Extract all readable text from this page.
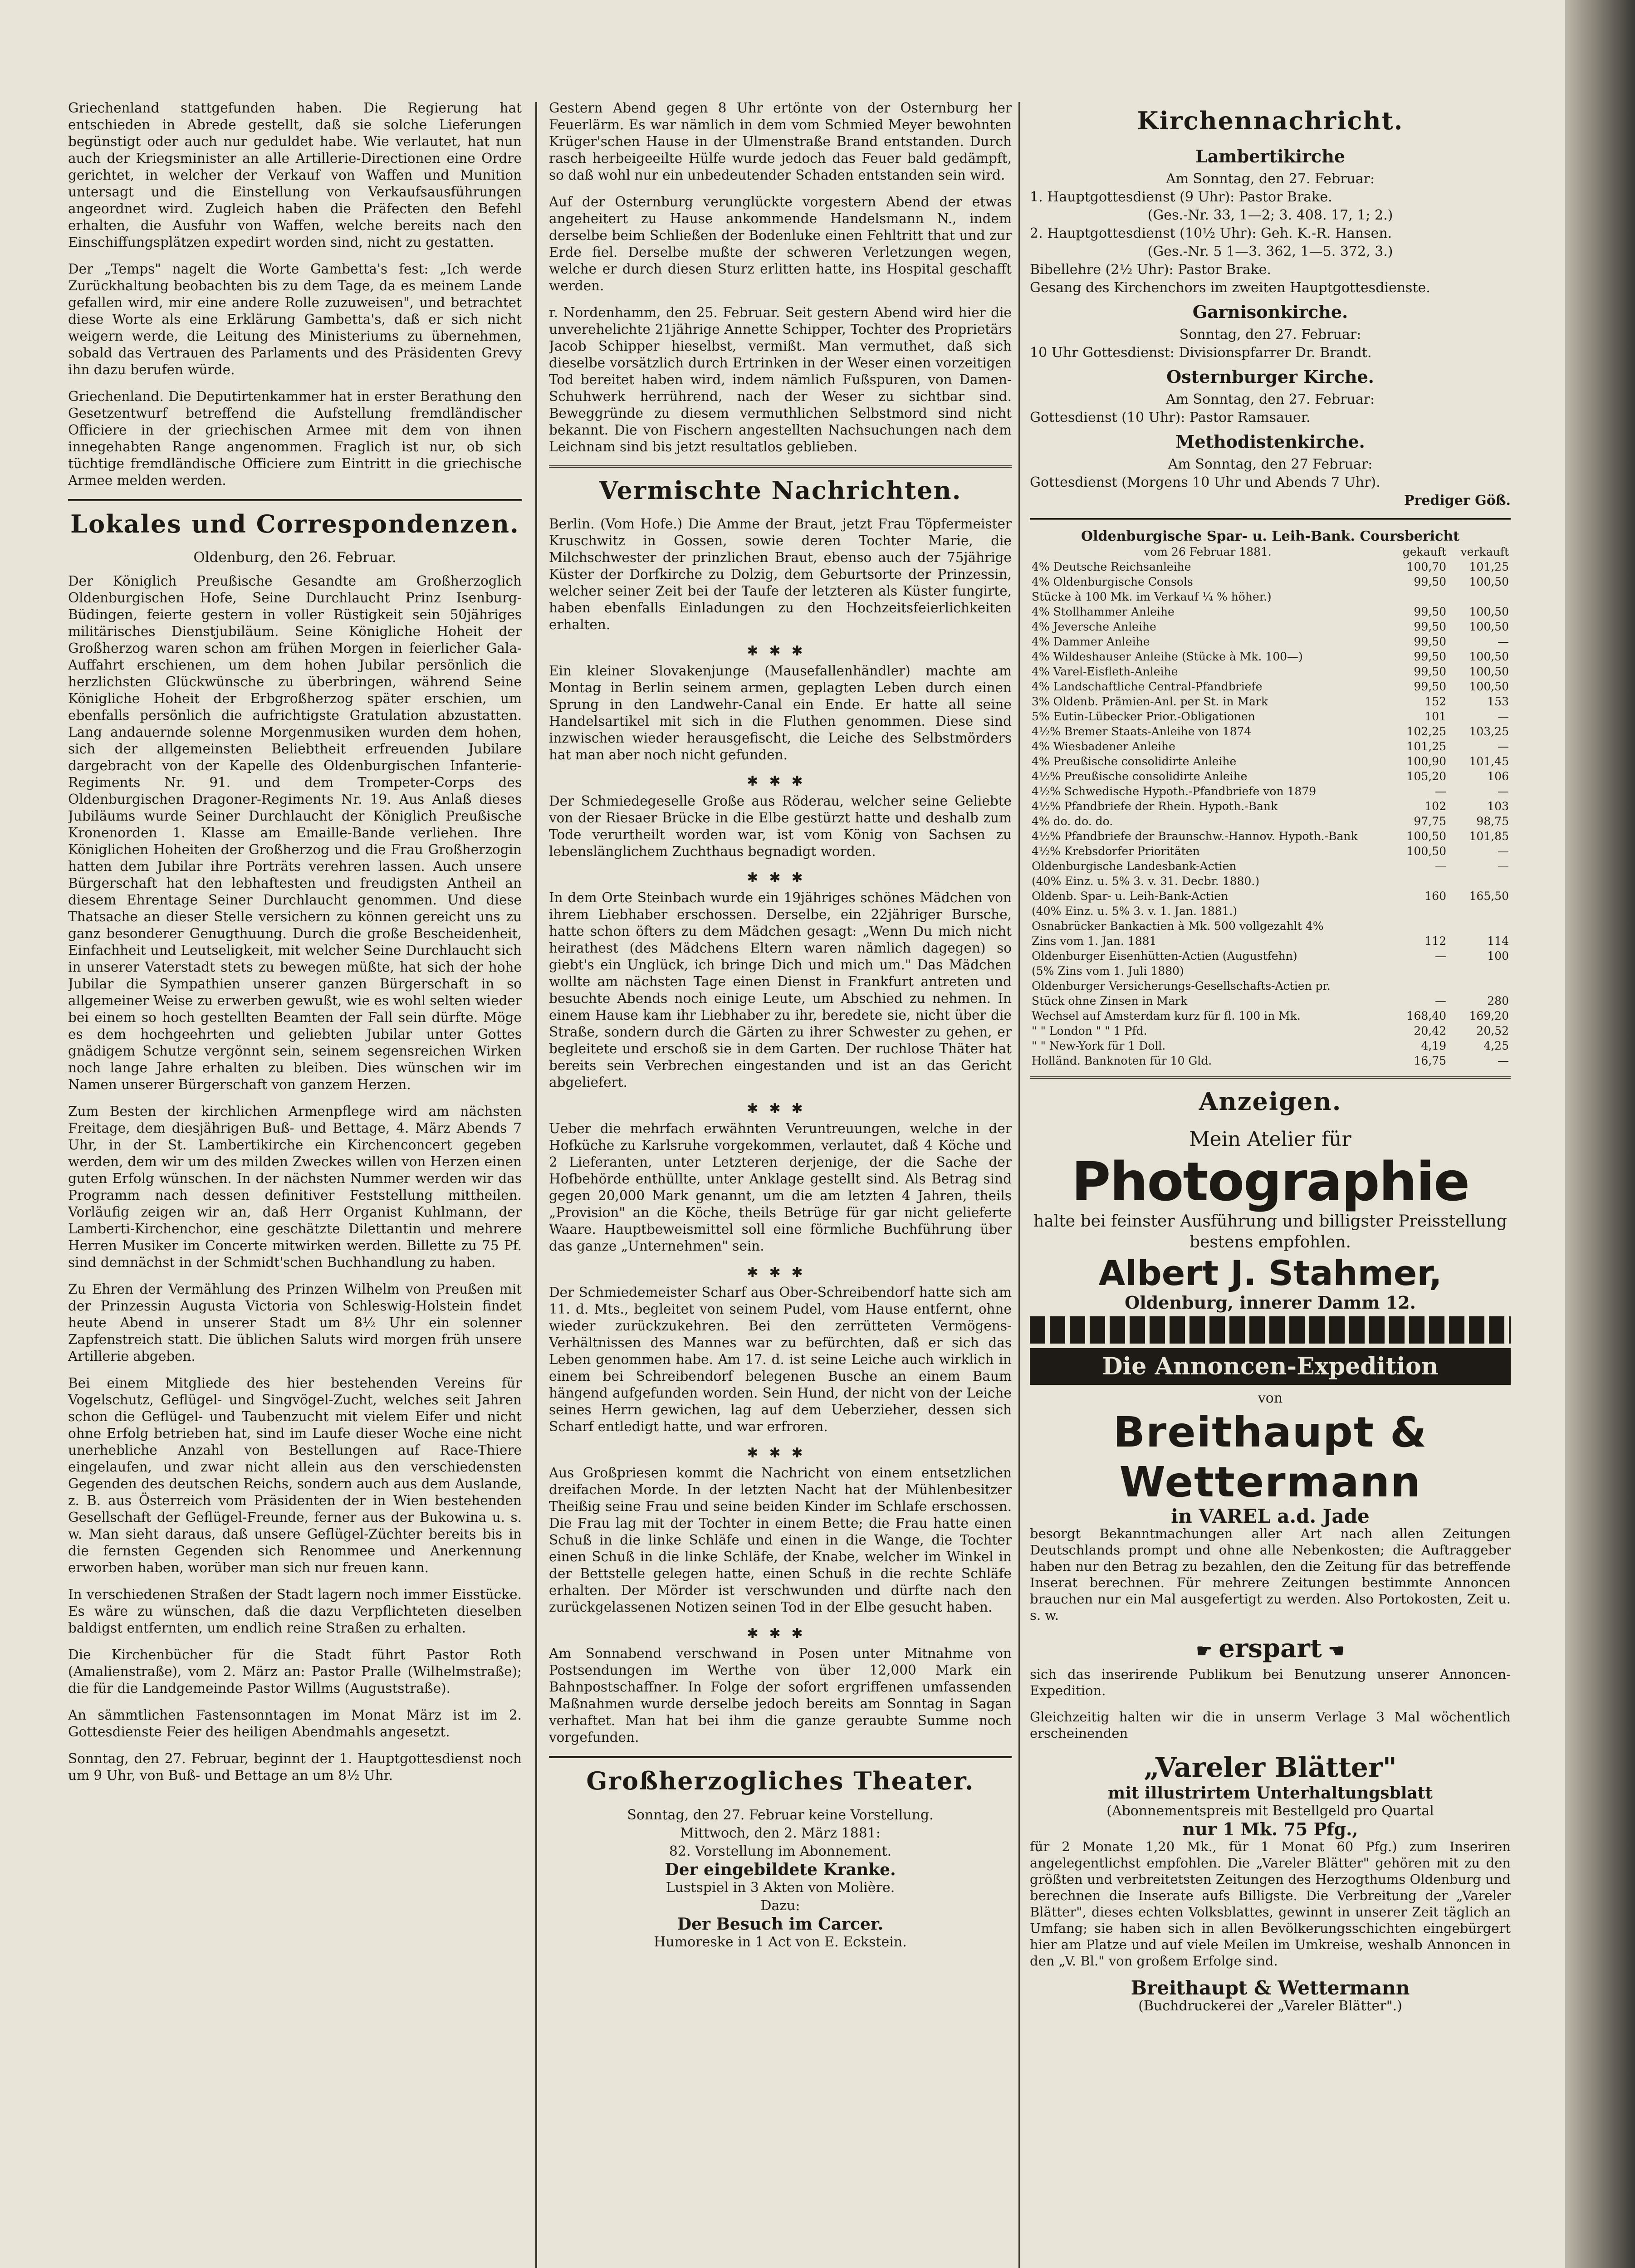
Griechenland stattgefunden haben. Die Regierung hat entschieden in Abrede gestellt, daß sie solche Lieferungen begünstigt oder auch nur geduldet habe. Wie verlautet, hat nun auch der Kriegsminister an alle Artillerie-Directionen eine Ordre gerichtet, in welcher der Verkauf von Waffen und Munition untersagt und die Einstellung von Verkaufsausführungen angeordnet wird. Zugleich haben die Präfecten den Befehl erhalten, die Ausfuhr von Waffen, welche bereits nach den Einschiffungsplätzen expedirt worden sind, nicht zu gestatten.

Der „Temps" nagelt die Worte Gambetta's fest: „Ich werde Zurückhaltung beobachten bis zu dem Tage, da es meinem Lande gefallen wird, mir eine andere Rolle zuzuweisen", und betrachtet diese Worte als eine Erklärung Gambetta's, daß er sich nicht weigern werde, die Leitung des Ministeriums zu übernehmen, sobald das Vertrauen des Parlaments und des Präsidenten Grevy ihn dazu berufen würde.

Griechenland. Die Deputirtenkammer hat in erster Berathung den Gesetzentwurf betreffend die Aufstellung fremdländischer Officiere in der griechischen Armee mit dem von ihnen innegehabten Range angenommen. Fraglich ist nur, ob sich tüchtige fremdländische Officiere zum Eintritt in die griechische Armee melden werden.

Lokales und Correspondenzen.
Oldenburg, den 26. Februar.

Der Königlich Preußische Gesandte am Großherzoglich Oldenburgischen Hofe, Seine Durchlaucht Prinz Isenburg-Büdingen, feierte gestern in voller Rüstigkeit sein 50jähriges militärisches Dienstjubiläum. Seine Königliche Hoheit der Großherzog waren schon am frühen Morgen in feierlicher Gala-Auffahrt erschienen, um dem hohen Jubilar persönlich die herzlichsten Glückwünsche zu überbringen, während Seine Königliche Hoheit der Erbgroßherzog später erschien, um ebenfalls persönlich die aufrichtigste Gratulation abzustatten. Lang andauernde solenne Morgenmusiken wurden dem hohen, sich der allgemeinsten Beliebtheit erfreuenden Jubilare dargebracht von der Kapelle des Oldenburgischen Infanterie-Regiments Nr. 91. und dem Trompeter-Corps des Oldenburgischen Dragoner-Regiments Nr. 19. Aus Anlaß dieses Jubiläums wurde Seiner Durchlaucht der Königlich Preußische Kronenorden 1. Klasse am Emaille-Bande verliehen. Ihre Königlichen Hoheiten der Großherzog und die Frau Großherzogin hatten dem Jubilar ihre Porträts verehren lassen. Auch unsere Bürgerschaft hat den lebhaftesten und freudigsten Antheil an diesem Ehrentage Seiner Durchlaucht genommen. Und diese Thatsache an dieser Stelle versichern zu können gereicht uns zu ganz besonderer Genugthuung. Durch die große Bescheidenheit, Einfachheit und Leutseligkeit, mit welcher Seine Durchlaucht sich in unserer Vaterstadt stets zu bewegen müßte, hat sich der hohe Jubilar die Sympathien unserer ganzen Bürgerschaft in so allgemeiner Weise zu erwerben gewußt, wie es wohl selten wieder bei einem so hoch gestellten Beamten der Fall sein dürfte. Möge es dem hochgeehrten und geliebten Jubilar unter Gottes gnädigem Schutze vergönnt sein, seinem segensreichen Wirken noch lange Jahre erhalten zu bleiben. Dies wünschen wir im Namen unserer Bürgerschaft von ganzem Herzen.

Zum Besten der kirchlichen Armenpflege wird am nächsten Freitage, dem diesjährigen Buß- und Bettage, 4. März Abends 7 Uhr, in der St. Lambertikirche ein Kirchenconcert gegeben werden, dem wir um des milden Zweckes willen von Herzen einen guten Erfolg wünschen. In der nächsten Nummer werden wir das Programm nach dessen definitiver Feststellung mittheilen. Vorläufig zeigen wir an, daß Herr Organist Kuhlmann, der Lamberti-Kirchenchor, eine geschätzte Dilettantin und mehrere Herren Musiker im Concerte mitwirken werden. Billette zu 75 Pf. sind demnächst in der Schmidt'schen Buchhandlung zu haben.

Zu Ehren der Vermählung des Prinzen Wilhelm von Preußen mit der Prinzessin Augusta Victoria von Schleswig-Holstein findet heute Abend in unserer Stadt um 8½ Uhr ein solenner Zapfenstreich statt. Die üblichen Saluts wird morgen früh unsere Artillerie abgeben.

Bei einem Mitgliede des hier bestehenden Vereins für Vogelschutz, Geflügel- und Singvögel-Zucht, welches seit Jahren schon die Geflügel- und Taubenzucht mit vielem Eifer und nicht ohne Erfolg betrieben hat, sind im Laufe dieser Woche eine nicht unerhebliche Anzahl von Bestellungen auf Race-Thiere eingelaufen, und zwar nicht allein aus den verschiedensten Gegenden des deutschen Reichs, sondern auch aus dem Auslande, z. B. aus Österreich vom Präsidenten der in Wien bestehenden Gesellschaft der Geflügel-Freunde, ferner aus der Bukowina u. s. w. Man sieht daraus, daß unsere Geflügel-Züchter bereits bis in die fernsten Gegenden sich Renommee und Anerkennung erworben haben, worüber man sich nur freuen kann.

In verschiedenen Straßen der Stadt lagern noch immer Eisstücke. Es wäre zu wünschen, daß die dazu Verpflichteten dieselben baldigst entfernten, um endlich reine Straßen zu erhalten.

Die Kirchenbücher für die Stadt führt Pastor Roth (Amalienstraße), vom 2. März an: Pastor Pralle (Wilhelmstraße); die für die Landgemeinde Pastor Willms (Auguststraße).

An sämmtlichen Fastensonntagen im Monat März ist im 2. Gottesdienste Feier des heiligen Abendmahls angesetzt.

Sonntag, den 27. Februar, beginnt der 1. Hauptgottesdienst noch um 9 Uhr, von Buß- und Bettage an um 8½ Uhr.

Gestern Abend gegen 8 Uhr ertönte von der Osternburg her Feuerlärm. Es war nämlich in dem vom Schmied Meyer bewohnten Krüger'schen Hause in der Ulmenstraße Brand entstanden. Durch rasch herbeigeeilte Hülfe wurde jedoch das Feuer bald gedämpft, so daß wohl nur ein unbedeutender Schaden entstanden sein wird.

Auf der Osternburg verunglückte vorgestern Abend der etwas angeheitert zu Hause ankommende Handelsmann N., indem derselbe beim Schließen der Bodenluke einen Fehltritt that und zur Erde fiel. Derselbe mußte der schweren Verletzungen wegen, welche er durch diesen Sturz erlitten hatte, ins Hospital geschafft werden.

r. Nordenhamm, den 25. Februar. Seit gestern Abend wird hier die unverehelichte 21jährige Annette Schipper, Tochter des Proprietärs Jacob Schipper hieselbst, vermißt. Man vermuthet, daß sich dieselbe vorsätzlich durch Ertrinken in der Weser einen vorzeitigen Tod bereitet haben wird, indem nämlich Fußspuren, von Damen-Schuhwerk herrührend, nach der Weser zu sichtbar sind. Beweggründe zu diesem vermuthlichen Selbstmord sind nicht bekannt. Die von Fischern angestellten Nachsuchungen nach dem Leichnam sind bis jetzt resultatlos geblieben.

Vermischte Nachrichten.

Berlin. (Vom Hofe.) Die Amme der Braut, jetzt Frau Töpfermeister Kruschwitz in Gossen, sowie deren Tochter Marie, die Milchschwester der prinzlichen Braut, ebenso auch der 75jährige Küster der Dorfkirche zu Dolzig, dem Geburtsorte der Prinzessin, welcher seiner Zeit bei der Taufe der letzteren als Küster fungirte, haben ebenfalls Einladungen zu den Hochzeitsfeierlichkeiten erhalten.

✱✱✱

Ein kleiner Slovakenjunge (Mausefallenhändler) machte am Montag in Berlin seinem armen, geplagten Leben durch einen Sprung in den Landwehr-Canal ein Ende. Er hatte all seine Handelsartikel mit sich in die Fluthen genommen. Diese sind inzwischen wieder herausgefischt, die Leiche des Selbstmörders hat man aber noch nicht gefunden.

✱✱✱

Der Schmiedegeselle Große aus Röderau, welcher seine Geliebte von der Riesaer Brücke in die Elbe gestürzt hatte und deshalb zum Tode verurtheilt worden war, ist vom König von Sachsen zu lebenslänglichem Zuchthaus begnadigt worden.

✱✱✱

In dem Orte Steinbach wurde ein 19jähriges schönes Mädchen von ihrem Liebhaber erschossen. Derselbe, ein 22jähriger Bursche, hatte schon öfters zu dem Mädchen gesagt: „Wenn Du mich nicht heirathest (des Mädchens Eltern waren nämlich dagegen) so giebt's ein Unglück, ich bringe Dich und mich um." Das Mädchen wollte am nächsten Tage einen Dienst in Frankfurt antreten und besuchte Abends noch einige Leute, um Abschied zu nehmen. In einem Hause kam ihr Liebhaber zu ihr, beredete sie, nicht über die Straße, sondern durch die Gärten zu ihrer Schwester zu gehen, er begleitete und erschoß sie in dem Garten. Der ruchlose Thäter hat bereits sein Verbrechen eingestanden und ist an das Gericht abgeliefert.

✱✱✱

Ueber die mehrfach erwähnten Veruntreuungen, welche in der Hofküche zu Karlsruhe vorgekommen, verlautet, daß 4 Köche und 2 Lieferanten, unter Letzteren derjenige, der die Sache der Hofbehörde enthüllte, unter Anklage gestellt sind. Als Betrag sind gegen 20,000 Mark genannt, um die am letzten 4 Jahren, theils „Provision" an die Köche, theils Betrüge für gar nicht gelieferte Waare. Hauptbeweismittel soll eine förmliche Buchführung über das ganze „Unternehmen" sein.

✱✱✱

Der Schmiedemeister Scharf aus Ober-Schreibendorf hatte sich am 11. d. Mts., begleitet von seinem Pudel, vom Hause entfernt, ohne wieder zurückzukehren. Bei den zerrütteten Vermögens-Verhältnissen des Mannes war zu befürchten, daß er sich das Leben genommen habe. Am 17. d. ist seine Leiche auch wirklich in einem bei Schreibendorf belegenen Busche an einem Baum hängend aufgefunden worden. Sein Hund, der nicht von der Leiche seines Herrn gewichen, lag auf dem Ueberzieher, dessen sich Scharf entledigt hatte, und war erfroren.

✱✱✱

Aus Großpriesen kommt die Nachricht von einem entsetzlichen dreifachen Morde. In der letzten Nacht hat der Mühlenbesitzer Theißig seine Frau und seine beiden Kinder im Schlafe erschossen. Die Frau lag mit der Tochter in einem Bette; die Frau hatte einen Schuß in die linke Schläfe und einen in die Wange, die Tochter einen Schuß in die linke Schläfe, der Knabe, welcher im Winkel in der Bettstelle gelegen hatte, einen Schuß in die rechte Schläfe erhalten. Der Mörder ist verschwunden und dürfte nach den zurückgelassenen Notizen seinen Tod in der Elbe gesucht haben.

✱✱✱

Am Sonnabend verschwand in Posen unter Mitnahme von Postsendungen im Werthe von über 12,000 Mark ein Bahnpostschaffner. In Folge der sofort ergriffenen umfassenden Maßnahmen wurde derselbe jedoch bereits am Sonntag in Sagan verhaftet. Man hat bei ihm die ganze geraubte Summe noch vorgefunden.

Großherzogliches Theater.

Sonntag, den 27. Februar keine Vorstellung.

Mittwoch, den 2. März 1881:

82. Vorstellung im Abonnement.

Der eingebildete Kranke.

Lustspiel in 3 Akten von Molière.

Dazu:

Der Besuch im Carcer.

Humoreske in 1 Act von E. Eckstein.

Kirchennachricht.
Lambertikirche

Am Sonntag, den 27. Februar:

1. Hauptgottesdienst (9 Uhr): Pastor Brake.

(Ges.-Nr. 33, 1—2; 3. 408. 17, 1; 2.)

2. Hauptgottesdienst (10½ Uhr): Geh. K.-R. Hansen.

(Ges.-Nr. 5 1—3. 362, 1—5. 372, 3.)

Bibellehre (2½ Uhr): Pastor Brake.

Gesang des Kirchenchors im zweiten Hauptgottesdienste.

Garnisonkirche.

Sonntag, den 27. Februar:

10 Uhr Gottesdienst: Divisionspfarrer Dr. Brandt.

Osternburger Kirche.

Am Sonntag, den 27. Februar:

Gottesdienst (10 Uhr): Pastor Ramsauer.

Methodistenkirche.

Am Sonntag, den 27 Februar:

Gottesdienst (Morgens 10 Uhr und Abends 7 Uhr).

Prediger Göß.

Oldenburgische Spar- u. Leih-Bank. Coursbericht
vom 26 Februar 1881.	gekauft	verkauft
4% Deutsche Reichsanleihe	100,70	101,25
4% Oldenburgische Consols	99,50	100,50
Stücke à 100 Mk. im Verkauf ¼ % höher.)		
4% Stollhammer Anleihe	99,50	100,50
4% Jeversche Anleihe	99,50	100,50
4% Dammer Anleihe	99,50	—
4% Wildeshauser Anleihe (Stücke à Mk. 100—)	99,50	100,50
4% Varel-Eisfleth-Anleihe	99,50	100,50
4% Landschaftliche Central-Pfandbriefe	99,50	100,50
3% Oldenb. Prämien-Anl. per St. in Mark	152	153
5% Eutin-Lübecker Prior.-Obligationen	101	—
4½% Bremer Staats-Anleihe von 1874	102,25	103,25
4% Wiesbadener Anleihe	101,25	—
4% Preußische consolidirte Anleihe	100,90	101,45
4½% Preußische consolidirte Anleihe	105,20	106
4½% Schwedische Hypoth.-Pfandbriefe von 1879	—	—
4½% Pfandbriefe der Rhein. Hypoth.-Bank	102	103
4% do. do. do.	97,75	98,75
4½% Pfandbriefe der Braunschw.-Hannov. Hypoth.-Bank	100,50	101,85
4½% Krebsdorfer Prioritäten	100,50	—
Oldenburgische Landesbank-Actien	—	—
(40% Einz. u. 5% 3. v. 31. Decbr. 1880.)		
Oldenb. Spar- u. Leih-Bank-Actien	160	165,50
(40% Einz. u. 5% 3. v. 1. Jan. 1881.)		
Osnabrücker Bankactien à Mk. 500 vollgezahlt 4%		
Zins vom 1. Jan. 1881	112	114
Oldenburger Eisenhütten-Actien (Augustfehn)	—	100
(5% Zins vom 1. Juli 1880)		
Oldenburger Versicherungs-Gesellschafts-Actien pr.		
Stück ohne Zinsen in Mark	—	280
Wechsel auf Amsterdam kurz für fl. 100 in Mk.	168,40	169,20
" " London " " 1 Pfd.	20,42	20,52
" " New-York für 1 Doll.	4,19	4,25
Holländ. Banknoten für 10 Gld.	16,75	—
Anzeigen.

Mein Atelier für

Photographie

halte bei feinster Ausführung und billigster Preisstellung bestens empfohlen.

Albert J. Stahmer,

Oldenburg, innerer Damm 12.

Die Annoncen-Expedition

von

Breithaupt & Wettermann

in VAREL a.d. Jade

besorgt Bekanntmachungen aller Art nach allen Zeitungen Deutschlands prompt und ohne alle Nebenkosten; die Auftraggeber haben nur den Betrag zu bezahlen, den die Zeitung für das betreffende Inserat berechnen. Für mehrere Zeitungen bestimmte Annoncen brauchen nur ein Mal ausgefertigt zu werden. Also Portokosten, Zeit u. s. w.

☛ erspart ☚

sich das inserirende Publikum bei Benutzung unserer Annoncen-Expedition.

Gleichzeitig halten wir die in unserm Verlage 3 Mal wöchentlich erscheinenden

„Vareler Blätter"

mit illustrirtem Unterhaltungsblatt

(Abonnementspreis mit Bestellgeld pro Quartal

nur 1 Mk. 75 Pfg.,

für 2 Monate 1,20 Mk., für 1 Monat 60 Pfg.) zum Inseriren angelegentlichst empfohlen. Die „Vareler Blätter" gehören mit zu den größten und verbreitetsten Zeitungen des Herzogthums Oldenburg und berechnen die Inserate aufs Billigste. Die Verbreitung der „Vareler Blätter", dieses echten Volksblattes, gewinnt in unserer Zeit täglich an Umfang; sie haben sich in allen Bevölkerungsschichten eingebürgert hier am Platze und auf viele Meilen im Umkreise, weshalb Annoncen in den „V. Bl." von großem Erfolge sind.

Breithaupt & Wettermann

(Buchdruckerei der „Vareler Blätter".)
